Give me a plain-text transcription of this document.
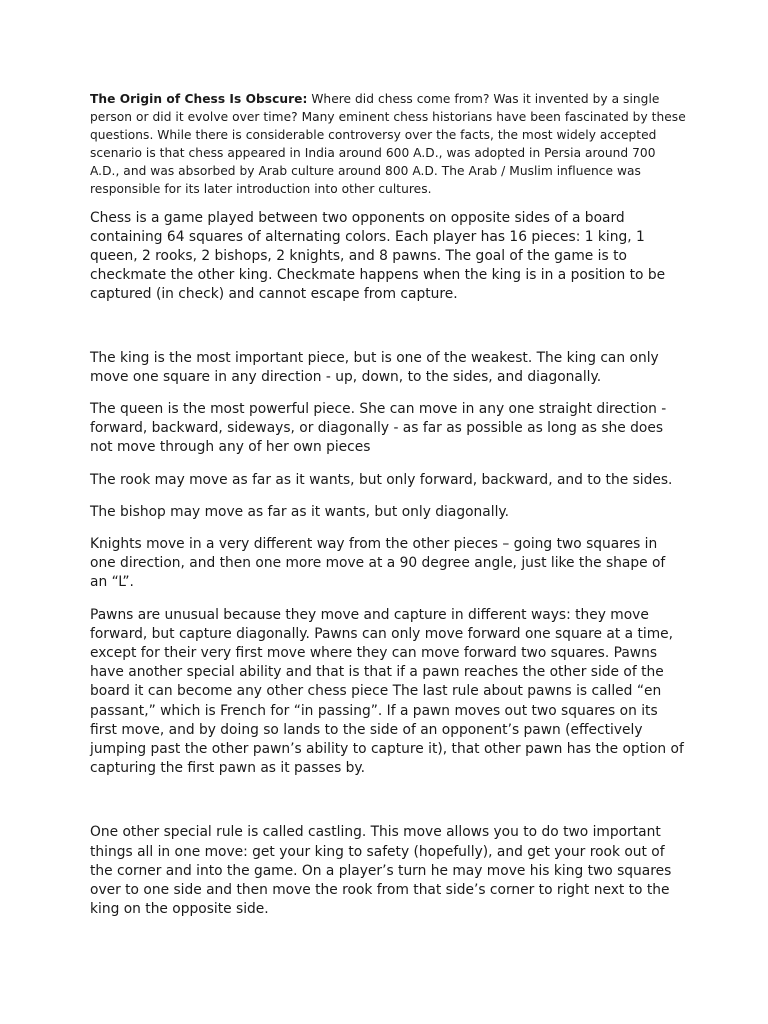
The Origin of Chess Is Obscure: Where did chess come from? Was it invented by a single person or did it evolve over time? Many eminent chess historians have been fascinated by these questions. While there is considerable controversy over the facts, the most widely accepted scenario is that chess appeared in India around 600 A.D., was adopted in Persia around 700 A.D., and was absorbed by Arab culture around 800 A.D. The Arab / Muslim influence was responsible for its later introduction into other cultures.

Chess is a game played between two opponents on opposite sides of a board containing 64 squares of alternating colors. Each player has 16 pieces: 1 king, 1 queen, 2 rooks, 2 bishops, 2 knights, and 8 pawns. The goal of the game is to checkmate the other king. Checkmate happens when the king is in a position to be captured (in check) and cannot escape from capture.

The king is the most important piece, but is one of the weakest. The king can only move one square in any direction - up, down, to the sides, and diagonally.

The queen is the most powerful piece. She can move in any one straight direction - forward, backward, sideways, or diagonally - as far as possible as long as she does not move through any of her own pieces

The rook may move as far as it wants, but only forward, backward, and to the sides.

The bishop may move as far as it wants, but only diagonally.

Knights move in a very different way from the other pieces – going two squares in one direction, and then one more move at a 90 degree angle, just like the shape of an “L”.

Pawns are unusual because they move and capture in different ways: they move forward, but capture diagonally. Pawns can only move forward one square at a time, except for their very first move where they can move forward two squares. Pawns have another special ability and that is that if a pawn reaches the other side of the board it can become any other chess piece The last rule about pawns is called “en passant,” which is French for “in passing”. If a pawn moves out two squares on its first move, and by doing so lands to the side of an opponent’s pawn (effectively jumping past the other pawn’s ability to capture it), that other pawn has the option of capturing the first pawn as it passes by.

One other special rule is called castling. This move allows you to do two important things all in one move: get your king to safety (hopefully), and get your rook out of the corner and into the game. On a player’s turn he may move his king two squares over to one side and then move the rook from that side’s corner to right next to the king on the opposite side.
